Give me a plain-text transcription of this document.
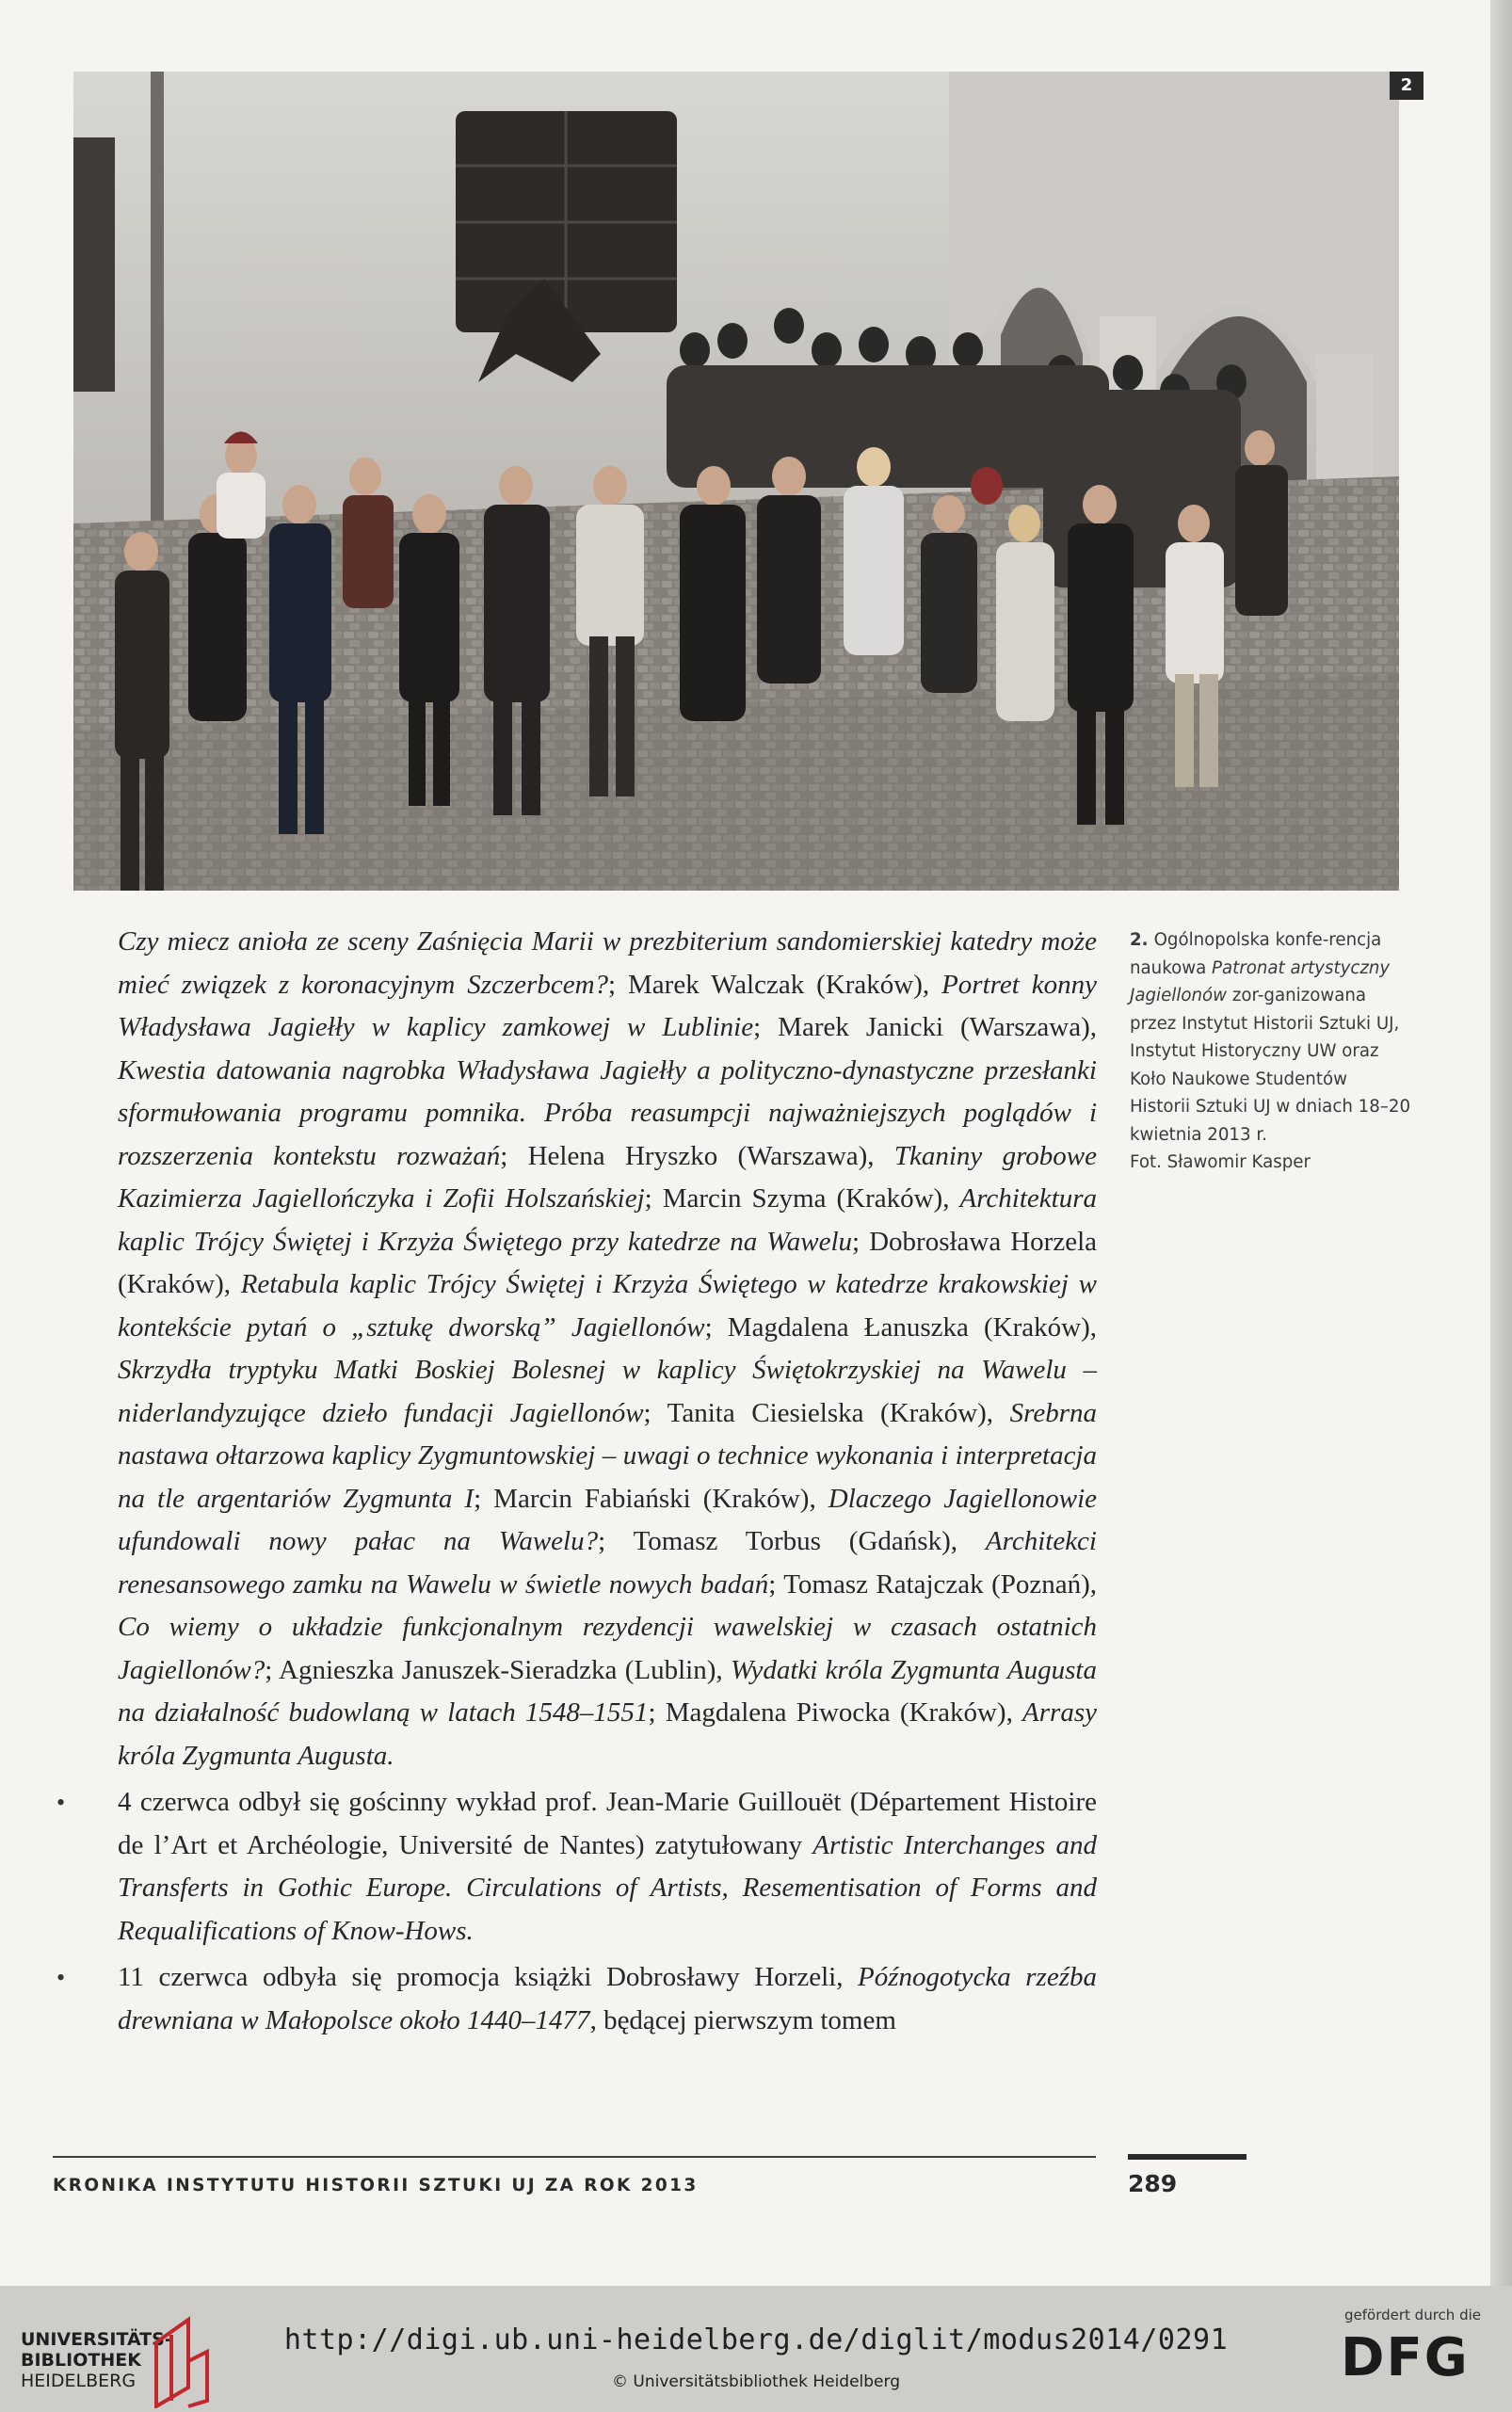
2

Czy miecz anioła ze sceny Zaśnięcia Marii w prezbiterium sandomierskiej katedry może mieć związek z koronacyjnym Szczerbcem?; Marek Walczak (Kraków), Portret konny Władysława Jagiełły w kaplicy zamkowej w Lublinie; Marek Janicki (Warszawa), Kwestia datowania nagrobka Władysława Jagiełły a polityczno-dynastyczne przesłanki sformułowania programu pomnika. Próba reasumpcji najważniejszych poglądów i rozszerzenia kontekstu rozważań; Helena Hryszko (Warszawa), Tkaniny grobowe Kazimierza Jagiellończyka i Zofii Holszańskiej; Marcin Szyma (Kraków), Architektura kaplic Trójcy Świętej i Krzyża Świętego przy katedrze na Wawelu; Dobrosława Horzela (Kraków), Retabula kaplic Trójcy Świętej i Krzyża Świętego w katedrze krakowskiej w kontekście pytań o „sztukę dworską” Jagiellonów; Magdalena Łanuszka (Kraków), Skrzydła tryptyku Matki Boskiej Bolesnej w kaplicy Świętokrzyskiej na Wawelu – niderlandyzujące dzieło fundacji Jagiellonów; Tanita Ciesielska (Kraków), Srebrna nastawa ołtarzowa kaplicy Zygmuntowskiej – uwagi o technice wykonania i interpretacja na tle argentariów Zygmunta I; Marcin Fabiański (Kraków), Dlaczego Jagiellonowie ufundowali nowy pałac na Wawelu?; Tomasz Torbus (Gdańsk), Architekci renesansowego zamku na Wawelu w świetle nowych badań; Tomasz Ratajczak (Poznań), Co wiemy o układzie funkcjonalnym rezydencji wawelskiej w czasach ostatnich Jagiellonów?; Agnieszka Januszek-Sieradzka (Lublin), Wydatki króla Zygmunta Augusta na działalność budowlaną w latach 1548–1551; Magdalena Piwocka (Kraków), Arrasy króla Zygmunta Augusta.

• 4 czerwca odbył się gościnny wykład prof. Jean-Marie Guillouët (Département Histoire de l’Art et Archéologie, Université de Nantes) zatytułowany Artistic Interchanges and Transferts in Gothic Europe. Circulations of Artists, Resementisation of Forms and Requalifications of Know-Hows.
• 11 czerwca odbyła się promocja książki Dobrosławy Horzeli, Późnogotycka rzeźba drewniana w Małopolsce około 1440–1477, będącej pierwszym tomem
2. Ogólnopolska konfe-rencja naukowa Patronat artystyczny Jagiellonów zor-ganizowana przez Instytut Historii Sztuki UJ, Instytut Historyczny UW oraz Koło Naukowe Studentów Historii Sztuki UJ w dniach 18–20 kwietnia 2013 r.
Fot. Sławomir Kasper
KRONIKA INSTYTUTU HISTORII SZTUKI UJ ZA ROK 2013	289
UNIVERSITÄTS-
BIBLIOTHEK
HEIDELBERG
http://digi.ub.uni-heidelberg.de/diglit/modus2014/0291
© Universitätsbibliothek Heidelberg
gefördert durch die
DFG
